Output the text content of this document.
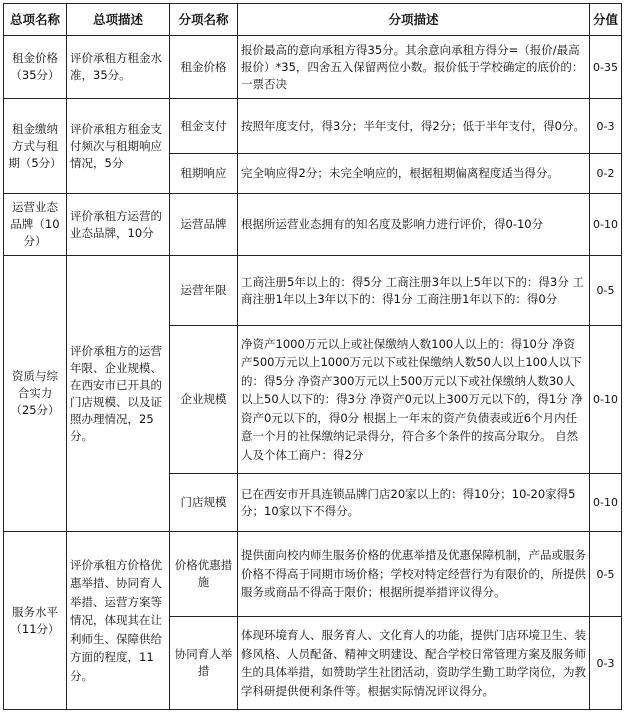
总项名称	总项描述	分项名称	分项描述	分值
租金价格（35分）	评价承租方租金水准，35分。	租金价格	报价最高的意向承租方得35分。其余意向承租方得分=（报价/最高报价）*35，四舍五入保留两位小数。报价低于学校确定的底价的：一票否决	0-35
租金缴纳方式与租期（5分）	评价承租方租金支付频次与租期响应情况，5分	租金支付	按照年度支付，得3分；半年支付，得2分；低于半年支付，得0分。	0-3
		租期响应	完全响应得2分；未完全响应的，根据租期偏离程度适当得分。	0-2
运营业态品牌（10分）	评价承租方运营的业态品牌，10分	运营品牌	根据所运营业态拥有的知名度及影响力进行评价，得0-10分	0-10
资质与综合实力（25分）	评价承租方的运营年限、企业规模、在西安市已开具的门店规模、以及证照办理情况，25分。	运营年限	工商注册5年以上的：得5分 工商注册3年以上5年以下的：得3分 工商注册1年以上3年以下的：得1分 工商注册1年以下的：得0分	0-5
		企业规模	净资产1000万元以上或社保缴纳人数100人以上的：得10分 净资产500万元以上1000万元以下或社保缴纳人数50人以上100人以下的：得5分 净资产300万元以上500万元以下或社保缴纳人数30人以上50人以下的：得3分 净资产0元以上300万元以下的，得1分 净资产0元以下的，得0分 根据上一年末的资产负债表或近6个月内任意一个月的社保缴纳记录得分，符合多个条件的按高分取分。 自然人及个体工商户：得2分	0-10
		门店规模	已在西安市开具连锁品牌门店20家以上的：得10分；10-20家得5分；10家以下不得分。	0-10
服务水平（11分）	评价承租方价格优惠举措、协同育人举措、运营方案等情况，体现其在让利师生、保障供给方面的程度，11分。	价格优惠措施	提供面向校内师生服务价格的优惠举措及优惠保障机制，产品或服务价格不得高于同期市场价格；学校对特定经营行为有限价的，所提供服务或商品不得高于限价；根据所提举措评议得分。	0-5
		协同育人举措	体现环境育人、服务育人、文化育人的功能，提供门店环境卫生、装修风格、人员配备、精神文明建设、配合学校日常管理方案及服务师生的具体举措，如赞助学生社团活动，资助学生勤工助学岗位，为教学科研提供便利条件等。根据实际情况评议得分。	0-3
